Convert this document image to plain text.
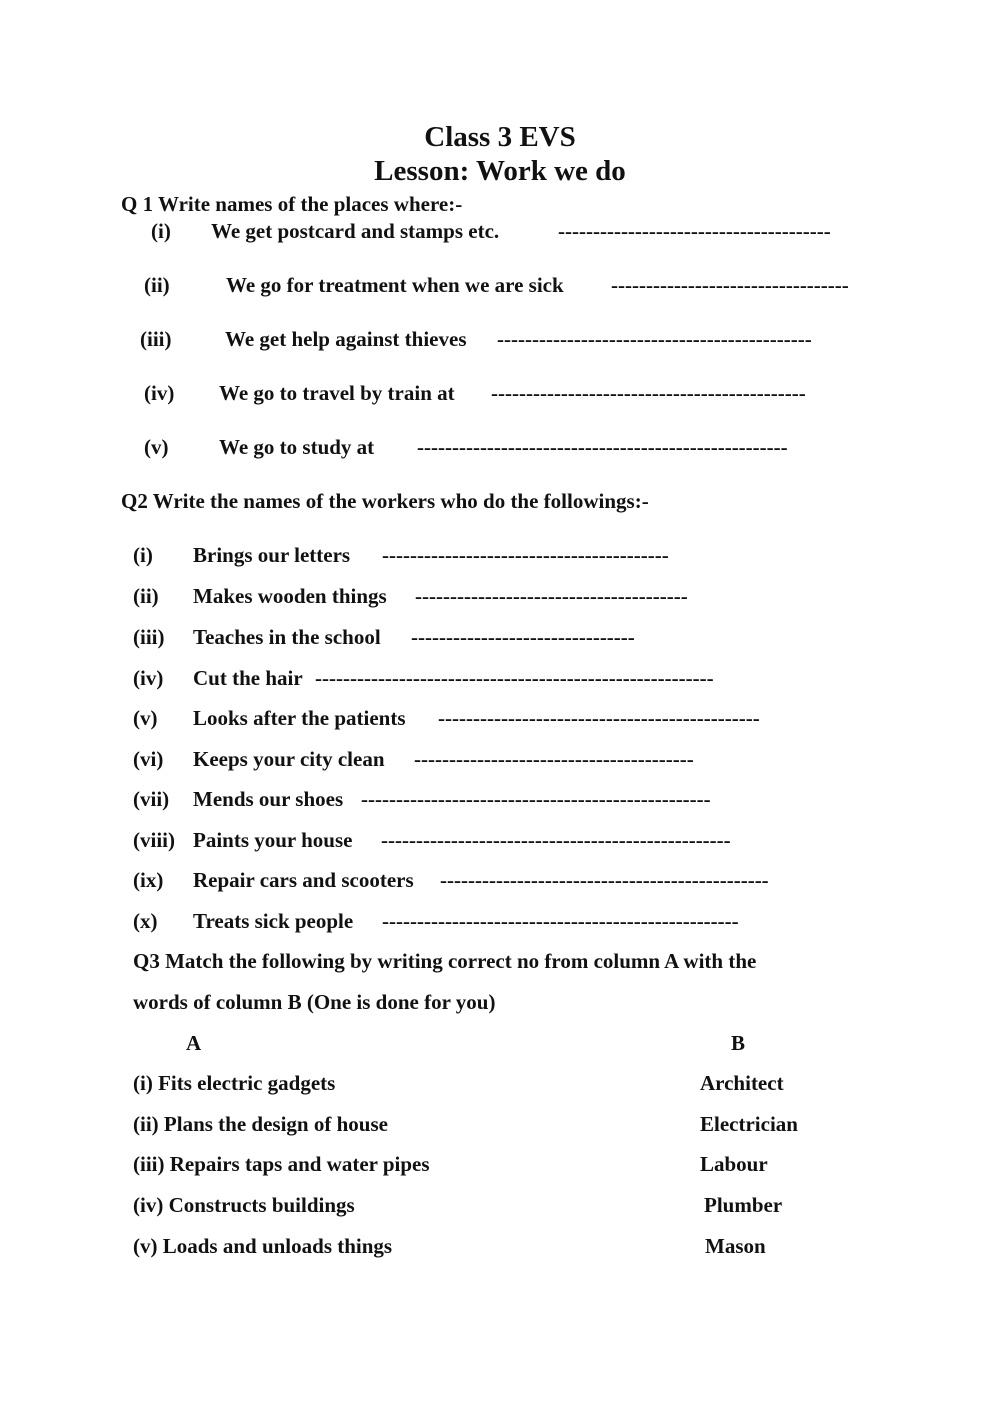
Class 3 EVS
Lesson: Work we do
Q 1 Write names of the places where:-
(i) We get postcard and stamps etc.	---------------------------------------
(ii)	We go for treatment when we are sick ----------------------------------
(iii)	We get help against thieves ---------------------------------------------
(iv) We go to travel by train at ---------------------------------------------
(v) We go to study at -----------------------------------------------------
Q2 Write the names of the workers who do the followings:-
(i) Brings our letters -----------------------------------------
(ii) Makes wooden things ---------------------------------------
(iii) Teaches in the school --------------------------------
(iv) Cut the hair ---------------------------------------------------------
(v) Looks after the patients ----------------------------------------------
(vi) Keeps your city clean ----------------------------------------
(vii) Mends our shoes --------------------------------------------------
(viii) Paints your house --------------------------------------------------
(ix) Repair cars and scooters -----------------------------------------------
(x) Treats sick people ---------------------------------------------------
Q3 Match the following by writing correct no from column A with the
words of column B (One is done for you)
A	B
(i) Fits electric gadgets	Architect
(ii) Plans the design of house	Electrician
(iii) Repairs taps and water pipes	Labour
(iv) Constructs buildings	Plumber
(v) Loads and unloads things	Mason
